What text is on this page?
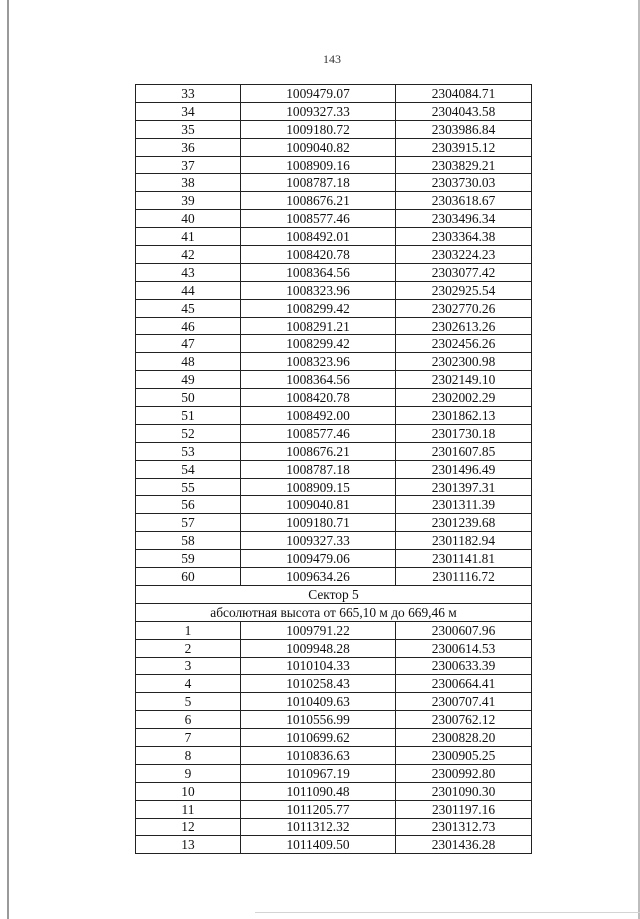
143
33	1009479.07	2304084.71
34	1009327.33	2304043.58
35	1009180.72	2303986.84
36	1009040.82	2303915.12
37	1008909.16	2303829.21
38	1008787.18	2303730.03
39	1008676.21	2303618.67
40	1008577.46	2303496.34
41	1008492.01	2303364.38
42	1008420.78	2303224.23
43	1008364.56	2303077.42
44	1008323.96	2302925.54
45	1008299.42	2302770.26
46	1008291.21	2302613.26
47	1008299.42	2302456.26
48	1008323.96	2302300.98
49	1008364.56	2302149.10
50	1008420.78	2302002.29
51	1008492.00	2301862.13
52	1008577.46	2301730.18
53	1008676.21	2301607.85
54	1008787.18	2301496.49
55	1008909.15	2301397.31
56	1009040.81	2301311.39
57	1009180.71	2301239.68
58	1009327.33	2301182.94
59	1009479.06	2301141.81
60	1009634.26	2301116.72
Сектор 5		
абсолютная высота от 665,10 м до 669,46 м		
1	1009791.22	2300607.96
2	1009948.28	2300614.53
3	1010104.33	2300633.39
4	1010258.43	2300664.41
5	1010409.63	2300707.41
6	1010556.99	2300762.12
7	1010699.62	2300828.20
8	1010836.63	2300905.25
9	1010967.19	2300992.80
10	1011090.48	2301090.30
11	1011205.77	2301197.16
12	1011312.32	2301312.73
13	1011409.50	2301436.28
